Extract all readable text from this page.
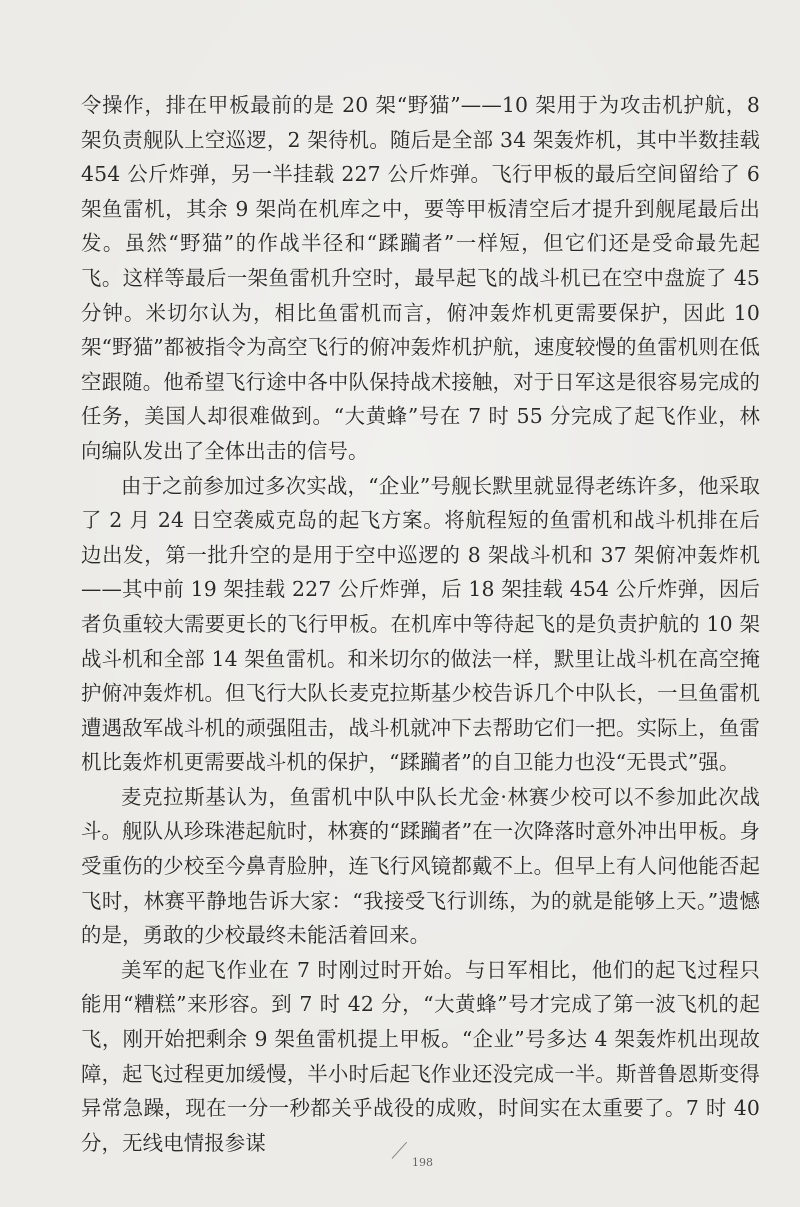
令操作，排在甲板最前的是 20 架“野猫”——10 架用于为攻击机护航，8 架负责舰队上空巡逻，2 架待机。随后是全部 34 架轰炸机，其中半数挂载 454 公斤炸弹，另一半挂载 227 公斤炸弹。飞行甲板的最后空间留给了 6 架鱼雷机，其余 9 架尚在机库之中，要等甲板清空后才提升到舰尾最后出发。虽然“野猫”的作战半径和“蹂躏者”一样短，但它们还是受命最先起飞。这样等最后一架鱼雷机升空时，最早起飞的战斗机已在空中盘旋了 45 分钟。米切尔认为，相比鱼雷机而言，俯冲轰炸机更需要保护，因此 10 架“野猫”都被指令为高空飞行的俯冲轰炸机护航，速度较慢的鱼雷机则在低空跟随。他希望飞行途中各中队保持战术接触，对于日军这是很容易完成的任务，美国人却很难做到。“大黄蜂”号在 7 时 55 分完成了起飞作业，林向编队发出了全体出击的信号。

由于之前参加过多次实战，“企业”号舰长默里就显得老练许多，他采取了 2 月 24 日空袭威克岛的起飞方案。将航程短的鱼雷机和战斗机排在后边出发，第一批升空的是用于空中巡逻的 8 架战斗机和 37 架俯冲轰炸机——其中前 19 架挂载 227 公斤炸弹，后 18 架挂载 454 公斤炸弹，因后者负重较大需要更长的飞行甲板。在机库中等待起飞的是负责护航的 10 架战斗机和全部 14 架鱼雷机。和米切尔的做法一样，默里让战斗机在高空掩护俯冲轰炸机。但飞行大队长麦克拉斯基少校告诉几个中队长，一旦鱼雷机遭遇敌军战斗机的顽强阻击，战斗机就冲下去帮助它们一把。实际上，鱼雷机比轰炸机更需要战斗机的保护，“蹂躏者”的自卫能力也没“无畏式”强。

麦克拉斯基认为，鱼雷机中队中队长尤金·林赛少校可以不参加此次战斗。舰队从珍珠港起航时，林赛的“蹂躏者”在一次降落时意外冲出甲板。身受重伤的少校至今鼻青脸肿，连飞行风镜都戴不上。但早上有人问他能否起飞时，林赛平静地告诉大家：“我接受飞行训练，为的就是能够上天。”遗憾的是，勇敢的少校最终未能活着回来。

美军的起飞作业在 7 时刚过时开始。与日军相比，他们的起飞过程只能用“糟糕”来形容。到 7 时 42 分，“大黄蜂”号才完成了第一波飞机的起飞，刚开始把剩余 9 架鱼雷机提上甲板。“企业”号多达 4 架轰炸机出现故障，起飞过程更加缓慢，半小时后起飞作业还没完成一半。斯普鲁恩斯变得异常急躁，现在一分一秒都关乎战役的成败，时间实在太重要了。7 时 40 分，无线电情报参谋

198
